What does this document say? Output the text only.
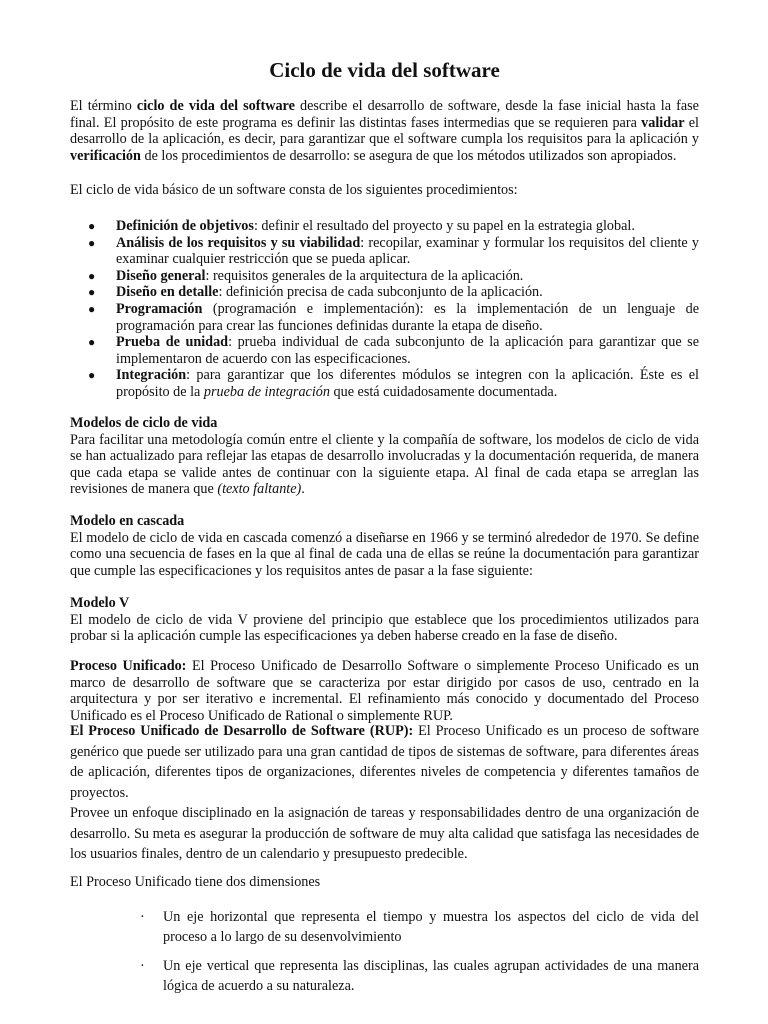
Ciclo de vida del software

El término ciclo de vida del software describe el desarrollo de software, desde la fase inicial hasta la fase final. El propósito de este programa es definir las distintas fases intermedias que se requieren para validar el desarrollo de la aplicación, es decir, para garantizar que el software cumpla los requisitos para la aplicación y verificación de los procedimientos de desarrollo: se asegura de que los métodos utilizados son apropiados.

El ciclo de vida básico de un software consta de los siguientes procedimientos:

● Definición de objetivos: definir el resultado del proyecto y su papel en la estrategia global.
● Análisis de los requisitos y su viabilidad: recopilar, examinar y formular los requisitos del cliente y examinar cualquier restricción que se pueda aplicar.
● Diseño general: requisitos generales de la arquitectura de la aplicación.
● Diseño en detalle: definición precisa de cada subconjunto de la aplicación.
● Programación (programación e implementación): es la implementación de un lenguaje de programación para crear las funciones definidas durante la etapa de diseño.
● Prueba de unidad: prueba individual de cada subconjunto de la aplicación para garantizar que se implementaron de acuerdo con las especificaciones.
● Integración: para garantizar que los diferentes módulos se integren con la aplicación. Éste es el propósito de la prueba de integración que está cuidadosamente documentada.

Modelos de ciclo de vida

Para facilitar una metodología común entre el cliente y la compañía de software, los modelos de ciclo de vida se han actualizado para reflejar las etapas de desarrollo involucradas y la documentación requerida, de manera que cada etapa se valide antes de continuar con la siguiente etapa. Al final de cada etapa se arreglan las revisiones de manera que (texto faltante).

Modelo en cascada

El modelo de ciclo de vida en cascada comenzó a diseñarse en 1966 y se terminó alrededor de 1970. Se define como una secuencia de fases en la que al final de cada una de ellas se reúne la documentación para garantizar que cumple las especificaciones y los requisitos antes de pasar a la fase siguiente:

Modelo V

El modelo de ciclo de vida V proviene del principio que establece que los procedimientos utilizados para probar si la aplicación cumple las especificaciones ya deben haberse creado en la fase de diseño.

Proceso Unificado: El Proceso Unificado de Desarrollo Software o simplemente Proceso Unificado es un marco de desarrollo de software que se caracteriza por estar dirigido por casos de uso, centrado en la arquitectura y por ser iterativo e incremental. El refinamiento más conocido y documentado del Proceso Unificado es el Proceso Unificado de Rational o simplemente RUP.

El Proceso Unificado de Desarrollo de Software (RUP): El Proceso Unificado es un proceso de software genérico que puede ser utilizado para una gran cantidad de tipos de sistemas de software, para diferentes áreas de aplicación, diferentes tipos de organizaciones, diferentes niveles de competencia y diferentes tamaños de proyectos.

Provee un enfoque disciplinado en la asignación de tareas y responsabilidades dentro de una organización de desarrollo. Su meta es asegurar la producción de software de muy alta calidad que satisfaga las necesidades de los usuarios finales, dentro de un calendario y presupuesto predecible.

El Proceso Unificado tiene dos dimensiones

· Un eje horizontal que representa el tiempo y muestra los aspectos del ciclo de vida del proceso a lo largo de su desenvolvimiento
· Un eje vertical que representa las disciplinas, las cuales agrupan actividades de una manera lógica de acuerdo a su naturaleza.
